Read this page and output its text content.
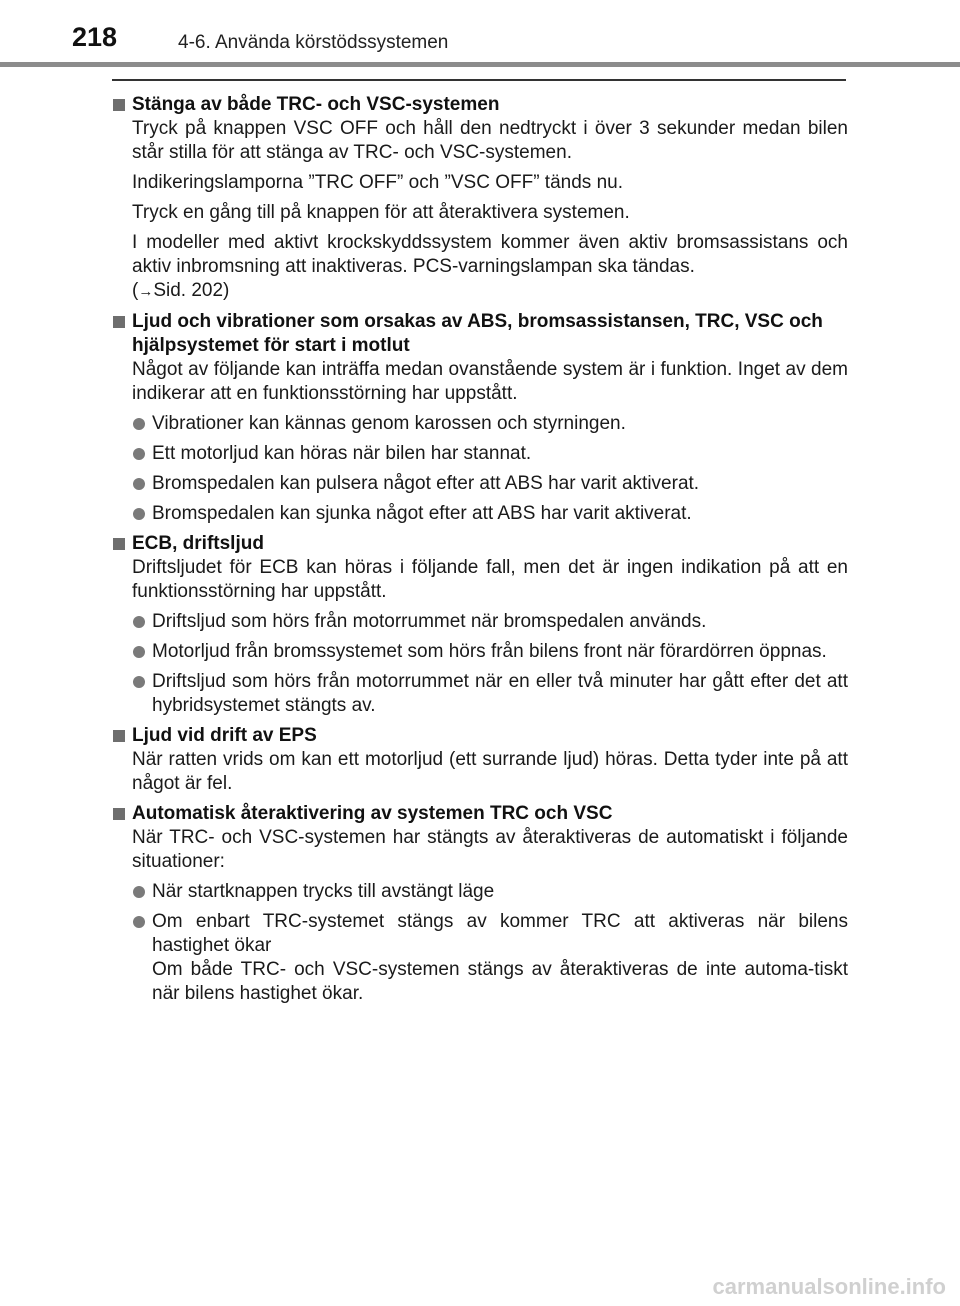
218	4-6. Använda körstödssystemen
Stänga av både TRC- och VSC-systemen

Tryck på knappen VSC OFF och håll den nedtryckt i över 3 sekunder medan bilen står stilla för att stänga av TRC- och VSC-systemen.

Indikeringslamporna ”TRC OFF” och ”VSC OFF” tänds nu.

Tryck en gång till på knappen för att återaktivera systemen.

I modeller med aktivt krockskyddssystem kommer även aktiv bromsassistans och aktiv inbromsning att inaktiveras. PCS-varningslampan ska tändas.
(→Sid. 202)

Ljud och vibrationer som orsakas av ABS, bromsassistansen, TRC, VSC och hjälpsystemet för start i motlut

Något av följande kan inträffa medan ovanstående system är i funktion. Inget av dem indikerar att en funktionsstörning har uppstått.

Vibrationer kan kännas genom karossen och styrningen.

Ett motorljud kan höras när bilen har stannat.

Bromspedalen kan pulsera något efter att ABS har varit aktiverat.

Bromspedalen kan sjunka något efter att ABS har varit aktiverat.

ECB, driftsljud

Driftsljudet för ECB kan höras i följande fall, men det är ingen indikation på att en funktionsstörning har uppstått.

Driftsljud som hörs från motorrummet när bromspedalen används.

Motorljud från bromssystemet som hörs från bilens front när förardörren öppnas.

Driftsljud som hörs från motorrummet när en eller två minuter har gått efter det att hybridsystemet stängts av.

Ljud vid drift av EPS

När ratten vrids om kan ett motorljud (ett surrande ljud) höras. Detta tyder inte på att något är fel.

Automatisk återaktivering av systemen TRC och VSC

När TRC- och VSC-systemen har stängts av återaktiveras de automatiskt i följande situationer:

När startknappen trycks till avstängt läge

Om enbart TRC-systemet stängs av kommer TRC att aktiveras när bilens hastighet ökar
Om både TRC- och VSC-systemen stängs av återaktiveras de inte automa-tiskt när bilens hastighet ökar.

carmanualsonline.info
